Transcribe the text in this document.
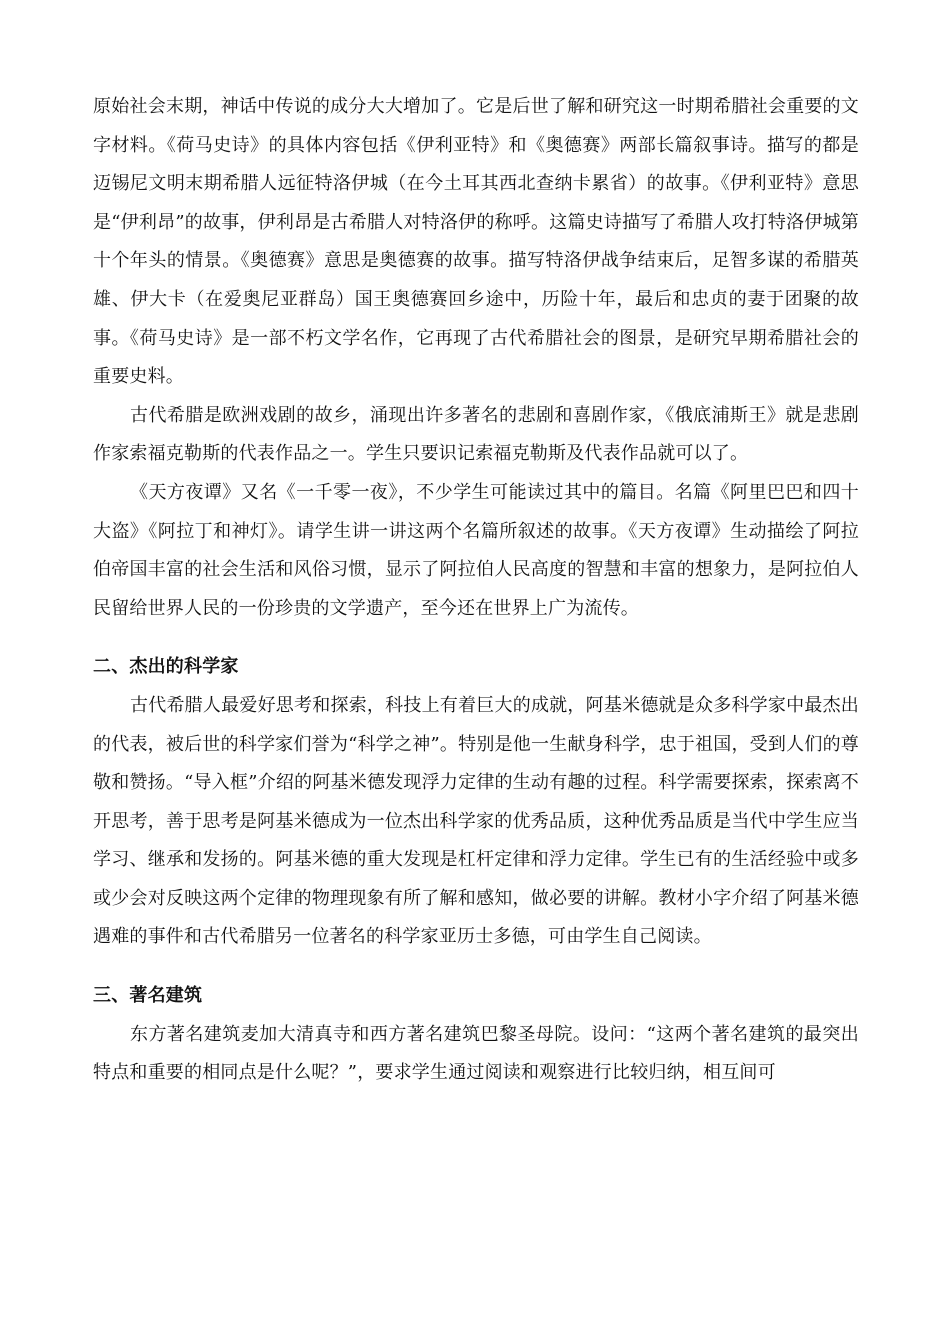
原始社会末期，神话中传说的成分大大增加了。它是后世了解和研究这一时期希腊社会重要的文字材料。《荷马史诗》的具体内容包括《伊利亚特》和《奥德赛》两部长篇叙事诗。描写的都是迈锡尼文明末期希腊人远征特洛伊城（在今土耳其西北查纳卡累省）的故事。《伊利亚特》意思是“伊利昂”的故事，伊利昂是古希腊人对特洛伊的称呼。这篇史诗描写了希腊人攻打特洛伊城第十个年头的情景。《奥德赛》意思是奥德赛的故事。描写特洛伊战争结束后，足智多谋的希腊英雄、伊大卡（在爱奥尼亚群岛）国王奥德赛回乡途中，历险十年，最后和忠贞的妻于团聚的故事。《荷马史诗》是一部不朽文学名作，它再现了古代希腊社会的图景，是研究早期希腊社会的重要史料。

古代希腊是欧洲戏剧的故乡，涌现出许多著名的悲剧和喜剧作家，《俄底浦斯王》就是悲剧作家索福克勒斯的代表作品之一。学生只要识记索福克勒斯及代表作品就可以了。

《天方夜谭》又名《一千零一夜》，不少学生可能读过其中的篇目。名篇《阿里巴巴和四十大盗》《阿拉丁和神灯》。请学生讲一讲这两个名篇所叙述的故事。《天方夜谭》生动描绘了阿拉伯帝国丰富的社会生活和风俗习惯，显示了阿拉伯人民高度的智慧和丰富的想象力，是阿拉伯人民留给世界人民的一份珍贵的文学遗产，至今还在世界上广为流传。

二、杰出的科学家

古代希腊人最爱好思考和探索，科技上有着巨大的成就，阿基米德就是众多科学家中最杰出的代表，被后世的科学家们誉为“科学之神”。特别是他一生献身科学，忠于祖国，受到人们的尊敬和赞扬。“导入框”介绍的阿基米德发现浮力定律的生动有趣的过程。科学需要探索，探索离不开思考，善于思考是阿基米德成为一位杰出科学家的优秀品质，这种优秀品质是当代中学生应当学习、继承和发扬的。阿基米德的重大发现是杠杆定律和浮力定律。学生已有的生活经验中或多或少会对反映这两个定律的物理现象有所了解和感知，做必要的讲解。教材小字介绍了阿基米德遇难的事件和古代希腊另一位著名的科学家亚历士多德，可由学生自己阅读。

三、著名建筑

东方著名建筑麦加大清真寺和西方著名建筑巴黎圣母院。设问：“这两个著名建筑的最突出特点和重要的相同点是什么呢？”，要求学生通过阅读和观察进行比较归纳，相互间可
